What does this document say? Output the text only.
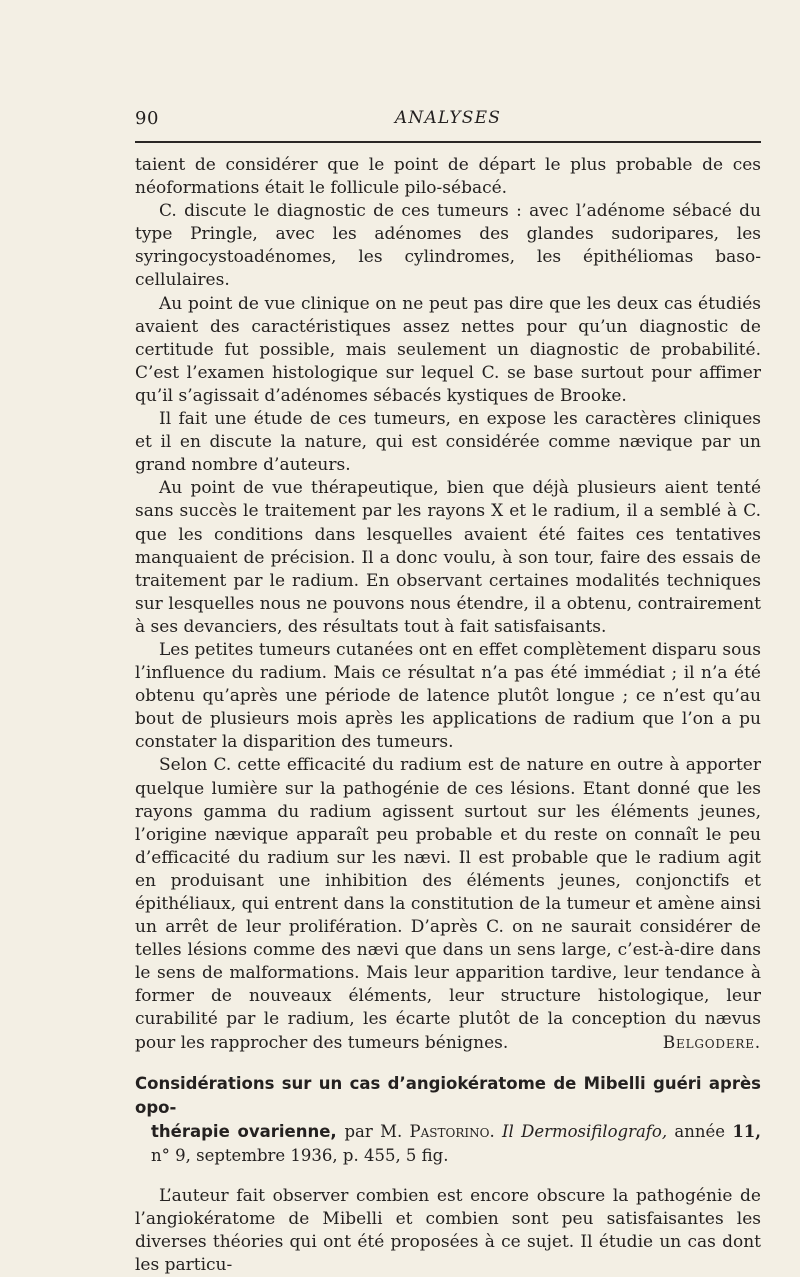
90	ANALYSES

taient de considérer que le point de départ le plus probable de ces néoformations était le follicule pilo-sébacé.

C. discute le diagnostic de ces tumeurs : avec l’adénome sébacé du type Pringle, avec les adénomes des glandes sudoripares, les syringocystoadénomes, les cylindromes, les épithéliomas baso-cellulaires.

Au point de vue clinique on ne peut pas dire que les deux cas étudiés avaient des caractéristiques assez nettes pour qu’un diagnostic de certitude fut possible, mais seulement un diagnostic de probabilité. C’est l’examen histologique sur lequel C. se base surtout pour affimer qu’il s’agissait d’adénomes sébacés kystiques de Brooke.

Il fait une étude de ces tumeurs, en expose les caractères cliniques et il en discute la nature, qui est considérée comme nævique par un grand nombre d’auteurs.

Au point de vue thérapeutique, bien que déjà plusieurs aient tenté sans succès le traitement par les rayons X et le radium, il a semblé à C. que les conditions dans lesquelles avaient été faites ces tentatives manquaient de précision. Il a donc voulu, à son tour, faire des essais de traitement par le radium. En observant certaines modalités techniques sur lesquelles nous ne pouvons nous étendre, il a obtenu, contrairement à ses devanciers, des résultats tout à fait satisfaisants.

Les petites tumeurs cutanées ont en effet complètement disparu sous l’influence du radium. Mais ce résultat n’a pas été immédiat ; il n’a été obtenu qu’après une période de latence plutôt longue ; ce n’est qu’au bout de plusieurs mois après les applications de radium que l’on a pu constater la disparition des tumeurs.

Selon C. cette efficacité du radium est de nature en outre à apporter quelque lumière sur la pathogénie de ces lésions. Etant donné que les rayons gamma du radium agissent surtout sur les éléments jeunes, l’origine nævique apparaît peu probable et du reste on connaît le peu d’efficacité du radium sur les nævi. Il est probable que le radium agit en produisant une inhibition des éléments jeunes, conjonctifs et épithéliaux, qui entrent dans la constitution de la tumeur et amène ainsi un arrêt de leur prolifération. D’après C. on ne saurait considérer de telles lésions comme des nævi que dans un sens large, c’est-à-dire dans le sens de malformations. Mais leur apparition tardive, leur tendance à former de nouveaux éléments, leur structure histologique, leur curabilité par le radium, les écarte plutôt de la conception du nævus pour les rapprocher des tumeurs bénignes.	Belgodere.
Considérations sur un cas d’angiokératome de Mibelli guéri après opo-
thérapie ovarienne, par M. Pastorino. Il Dermosifilografo, année 11, n° 9, septembre 1936, p. 455, 5 fig.

L’auteur fait observer combien est encore obscure la pathogénie de l’angiokératome de Mibelli et combien sont peu satisfaisantes les diverses théories qui ont été proposées à ce sujet. Il étudie un cas dont les particu-
